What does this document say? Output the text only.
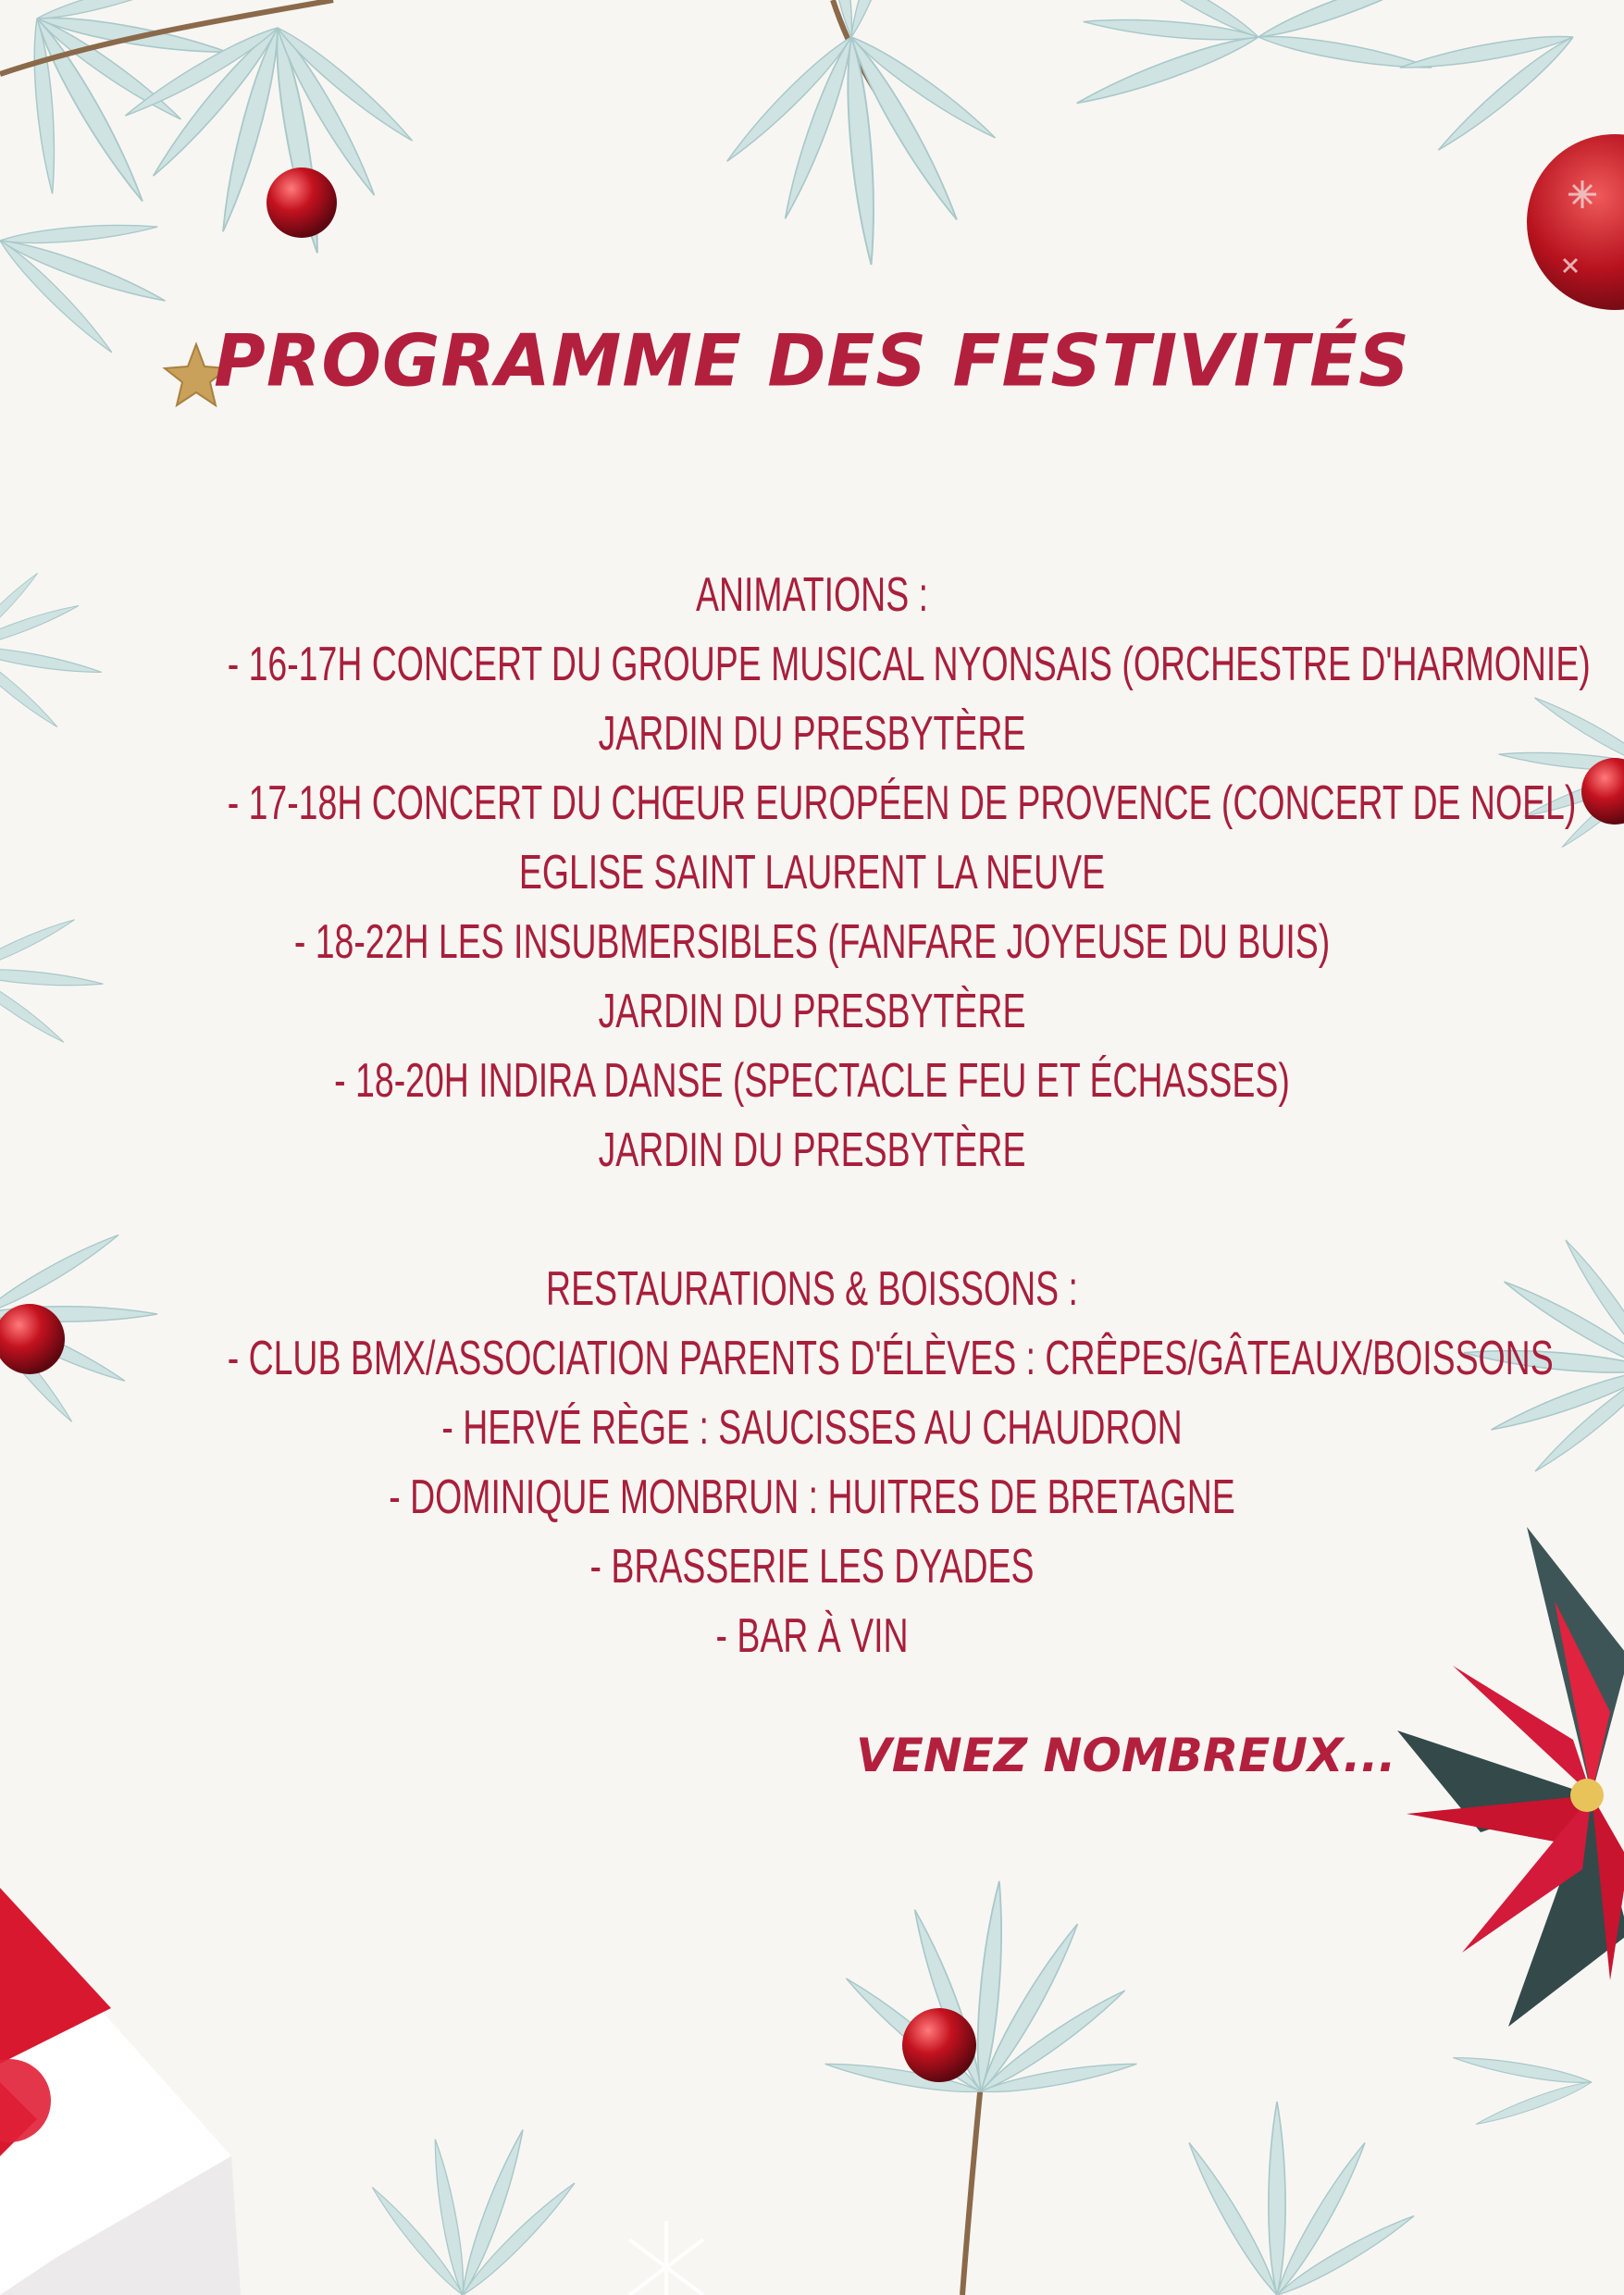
PROGRAMME DES FESTIVITÉS
ANIMATIONS :
- 16-17H CONCERT DU GROUPE MUSICAL NYONSAIS (ORCHESTRE D'HARMONIE)
JARDIN DU PRESBYTÈRE
- 17-18H CONCERT DU CHŒUR EUROPÉEN DE PROVENCE (CONCERT DE NOEL)
EGLISE SAINT LAURENT LA NEUVE
- 18-22H LES INSUBMERSIBLES (FANFARE JOYEUSE DU BUIS)
JARDIN DU PRESBYTÈRE
- 18-20H INDIRA DANSE (SPECTACLE FEU ET ÉCHASSES)
JARDIN DU PRESBYTÈRE
RESTAURATIONS & BOISSONS :
- CLUB BMX/ASSOCIATION PARENTS D'ÉLÈVES : CRÊPES/GÂTEAUX/BOISSONS
- HERVÉ RÈGE : SAUCISSES AU CHAUDRON
- DOMINIQUE MONBRUN : HUITRES DE BRETAGNE
- BRASSERIE LES DYADES
- BAR À VIN
VENEZ NOMBREUX...
